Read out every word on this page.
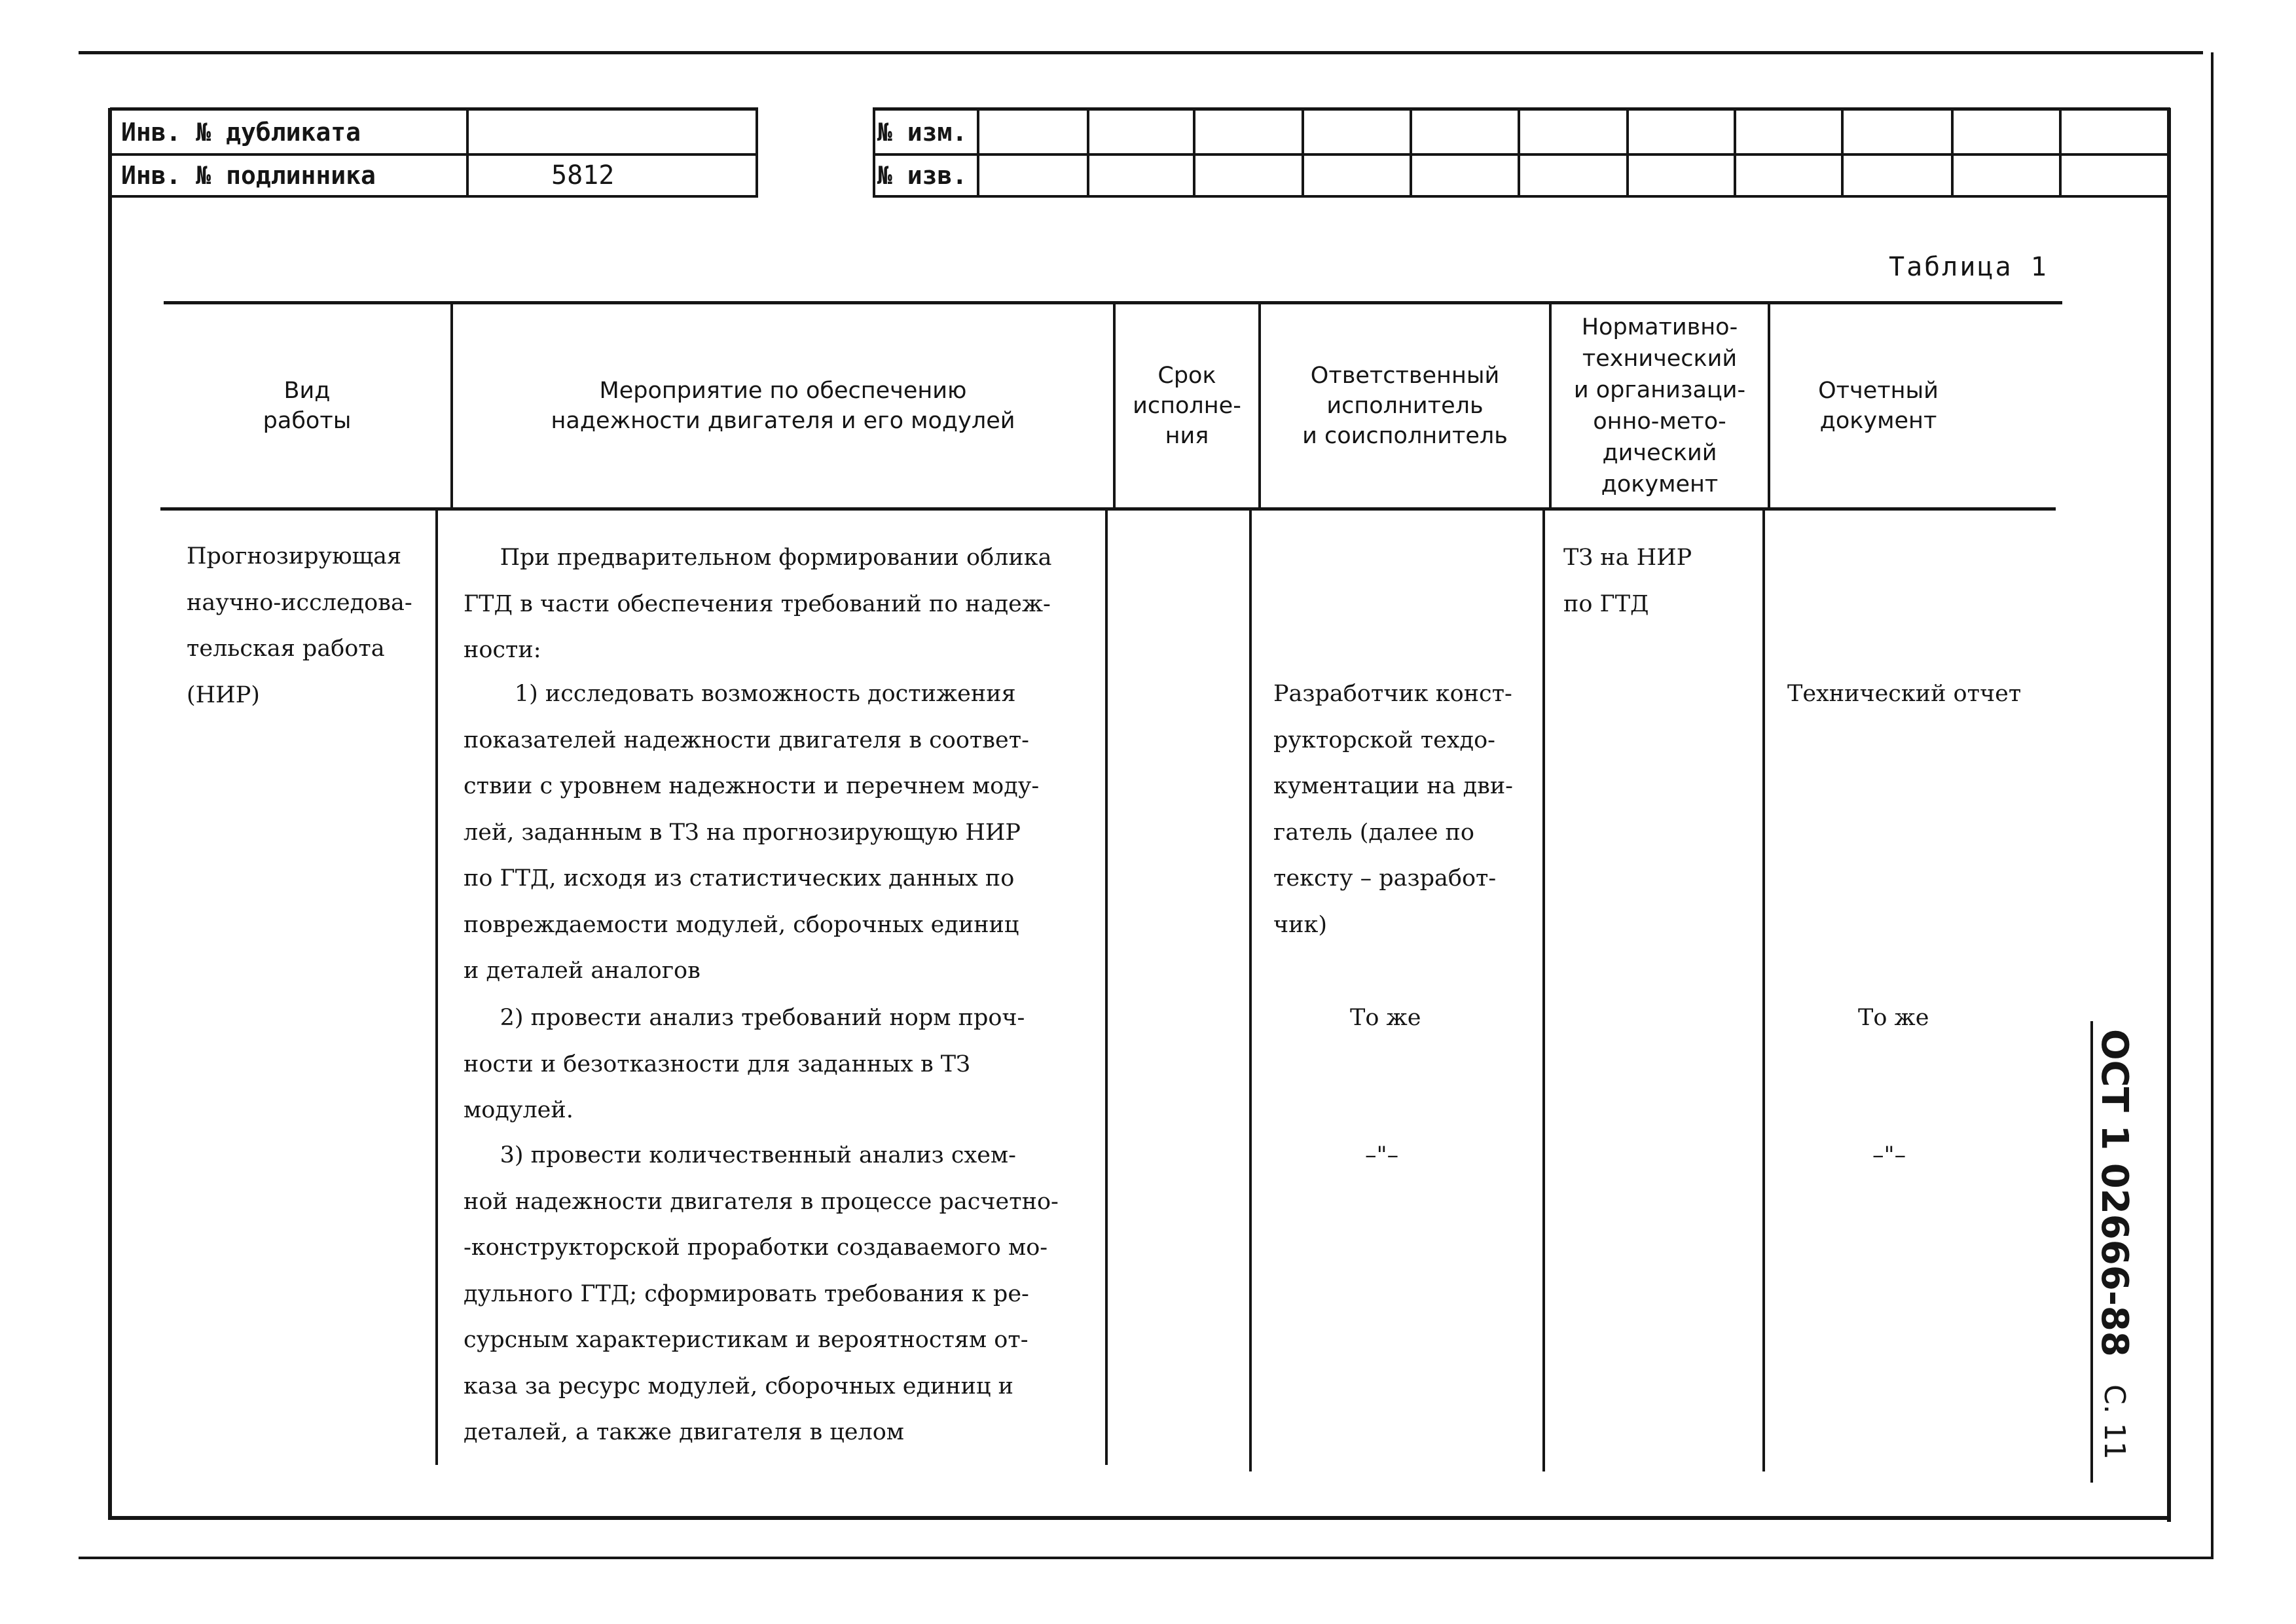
Инв. № дубликата
Инв. № подлинника	5812
№ изм.
№ изв.
Таблица 1
Вид
работы
Мероприятие по обеспечению
надежности двигателя и его модулей
Срок
исполне-
ния
Ответственный
исполнитель
и соисполнитель
Нормативно-
технический
и организаци-
онно-мето-
дический
документ
Отчетный
документ
Прогнозирующая
научно-исследова-
тельская работа
(НИР)
При предварительном формировании облика
ГТД в части обеспечения требований по надеж-
ности:
1) исследовать возможность достижения
показателей надежности двигателя в соответ-
ствии с уровнем надежности и перечнем моду-
лей, заданным в ТЗ на прогнозирующую НИР
по ГТД, исходя из статистических данных по
повреждаемости модулей, сборочных единиц
и деталей аналогов
2) провести анализ требований норм проч-
ности и безотказности для заданных в ТЗ
модулей.
3) провести количественный анализ схем-
ной надежности двигателя в процессе расчетно-
-конструкторской проработки создаваемого мо-
дульного ГТД; сформировать требования к ре-
сурсным характеристикам и вероятностям от-
каза за ресурс модулей, сборочных единиц и
деталей, а также двигателя в целом
Разработчик конст-
рукторской техдо-
кументации на дви-
гатель (далее по
тексту – разработ-
чик)
То же
–"–
ТЗ на НИР
по ГТД
Технический отчет
То же
–"–	ОСТ 1 02666-88
С. 11
